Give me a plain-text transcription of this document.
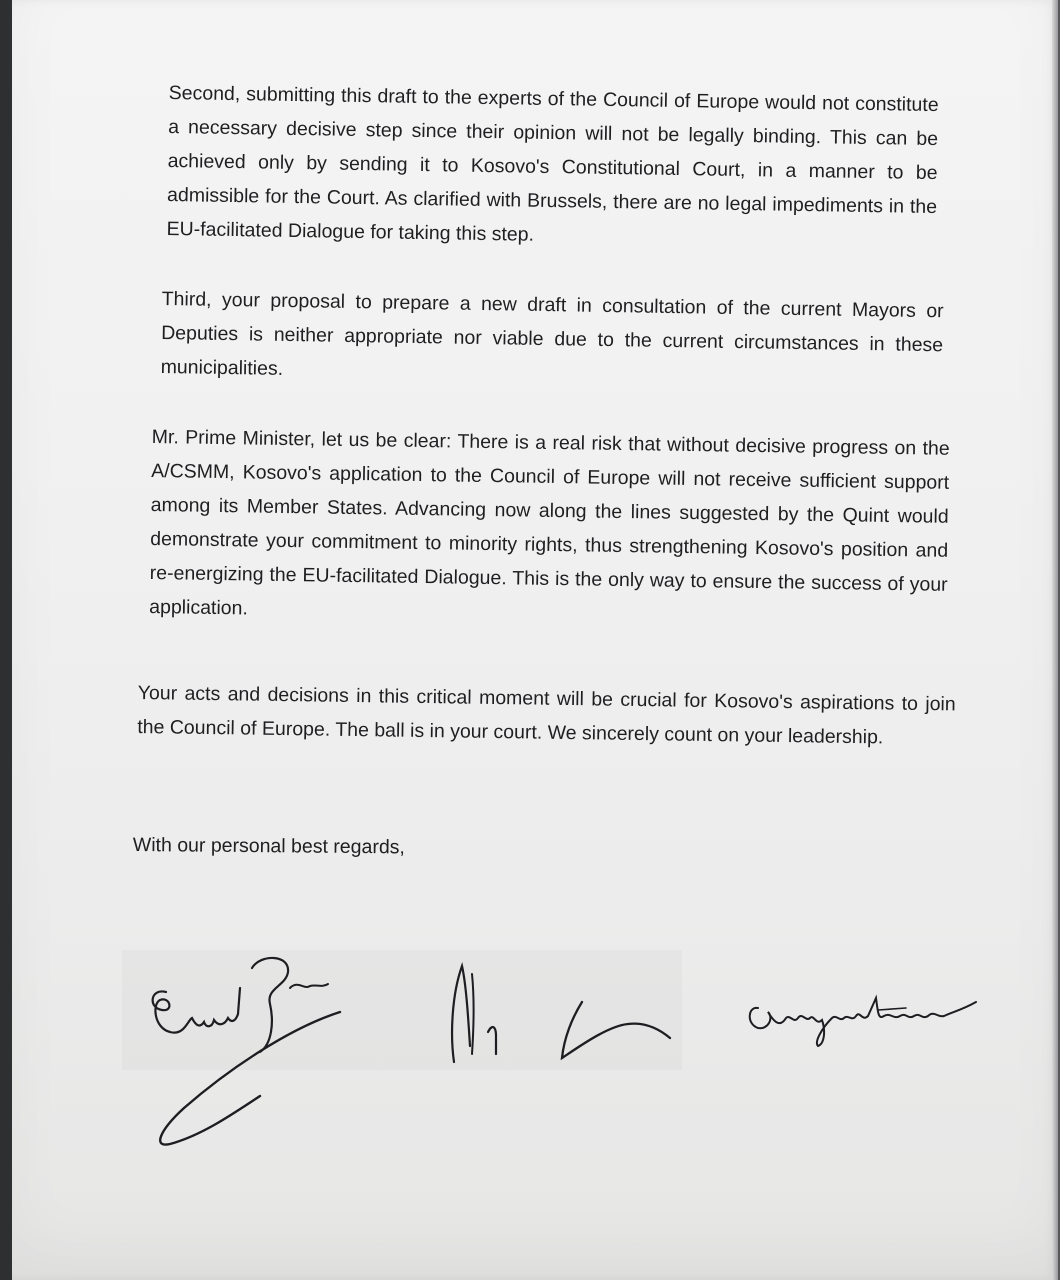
Second, submitting this draft to the experts of the Council of Europe would not constitute a necessary decisive step since their opinion will not be legally binding. This can be achieved only by sending it to Kosovo's Constitutional Court, in a manner to be admissible for the Court. As clarified with Brussels, there are no legal impediments in the EU-facilitated Dialogue for taking this step.

Third, your proposal to prepare a new draft in consultation of the current Mayors or Deputies is neither appropriate nor viable due to the current circumstances in these municipalities.

Mr. Prime Minister, let us be clear: There is a real risk that without decisive progress on the A/CSMM, Kosovo's application to the Council of Europe will not receive sufficient support among its Member States. Advancing now along the lines suggested by the Quint would demonstrate your commitment to minority rights, thus strengthening Kosovo's position and re-energizing the EU-facilitated Dialogue. This is the only way to ensure the success of your application.

Your acts and decisions in this critical moment will be crucial for Kosovo's aspirations to join the Council of Europe. The ball is in your court. We sincerely count on your leadership.

With our personal best regards,
